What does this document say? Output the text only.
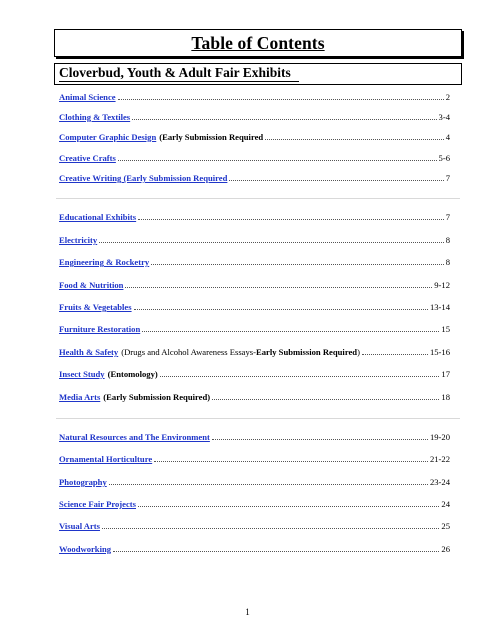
Table of Contents
Cloverbud, Youth & Adult Fair Exhibits
Animal Science	2
Clothing & Textiles	3-4
Computer Graphic Design (Early Submission Required	4
Creative Crafts	5-6
Creative Writing (Early Submission Required	7
Educational Exhibits	7
Electricity	8
Engineering & Rocketry	8
Food & Nutrition	9-12
Fruits & Vegetables	13-14
Furniture Restoration	15
Health & Safety (Drugs and Alcohol Awareness Essays-Early Submission Required)	15-16
Insect Study (Entomology)	17
Media Arts (Early Submission Required)	18
Natural Resources and The Environment	19-20
Ornamental Horticulture	21-22
Photography	23-24
Science Fair Projects	24
Visual Arts	25
Woodworking	26
1
